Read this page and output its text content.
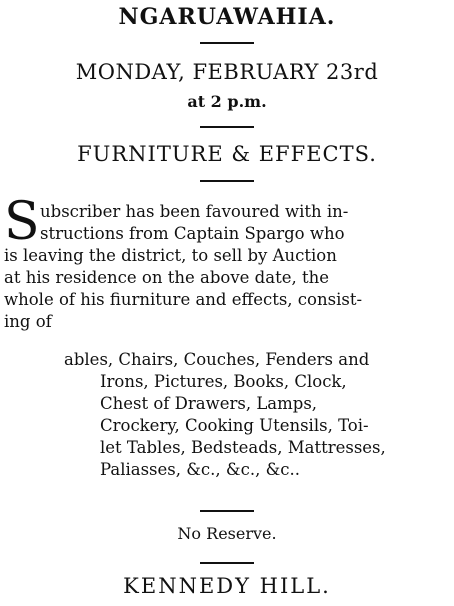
NGARUAWAHIA.
MONDAY, FEBRUARY 23rd
at 2 p.m.
FURNITURE & EFFECTS.
S ubscriber has been favoured with in-
structions from Captain Spargo who
is leaving the district, to sell by Auction
at his residence on the above date, the
whole of his fiurniture and effects, consist-
ing of
ables, Chairs, Couches, Fenders and
Irons, Pictures, Books, Clock,
Chest of Drawers, Lamps,
Crockery, Cooking Utensils, Toi-
let Tables, Bedsteads, Mattresses,
Paliasses, &c., &c., &c..
No Reserve.
KENNEDY HILL.
